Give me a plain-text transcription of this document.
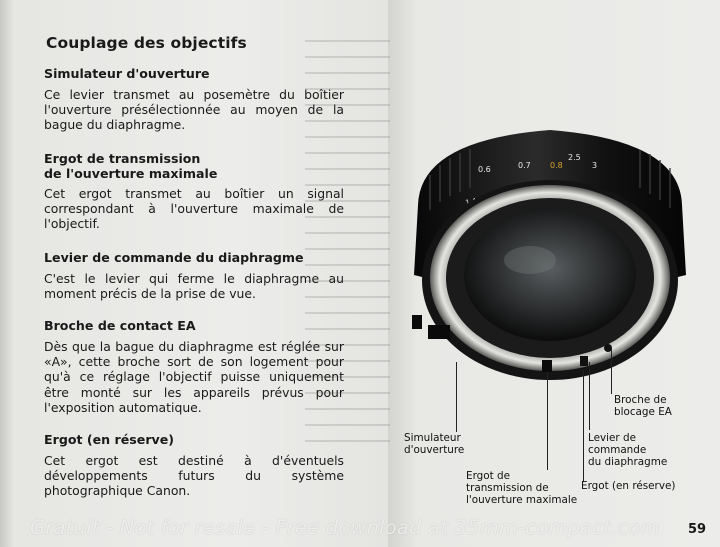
Couplage des objectifs
Simulateur d'ouverture

Ce levier transmet au posemètre du boîtier l'ouverture présélectionnée au moyen de la bague du diaphragme.

Ergot de transmission
de l'ouverture maximale

Cet ergot transmet au boîtier un signal correspondant à l'ouverture maximale de l'objectif.

Levier de commande du diaphragme

C'est le levier qui ferme le diaphragme au moment précis de la prise de vue.

Broche de contact EA

Dès que la bague du diaphragme est réglée sur «A», cette broche sort de son logement pour qu'à ce réglage l'objectif puisse uniquement être monté sur les appareils prévus pour l'exposition automatique.

Ergot (en réserve)

Cet ergot est destiné à d'éventuels développements futurs du système photographique Canon.

0.6	0.7 0.8
2.5
3
Simulateur
d'ouverture
Ergot de
transmission de
l'ouverture maximale
Levier de
commande
du diaphragme
Broche de
blocage EA
Ergot (en réserve)
Gratuit - Not for resale - Free download at 35mm-compact.com 59
